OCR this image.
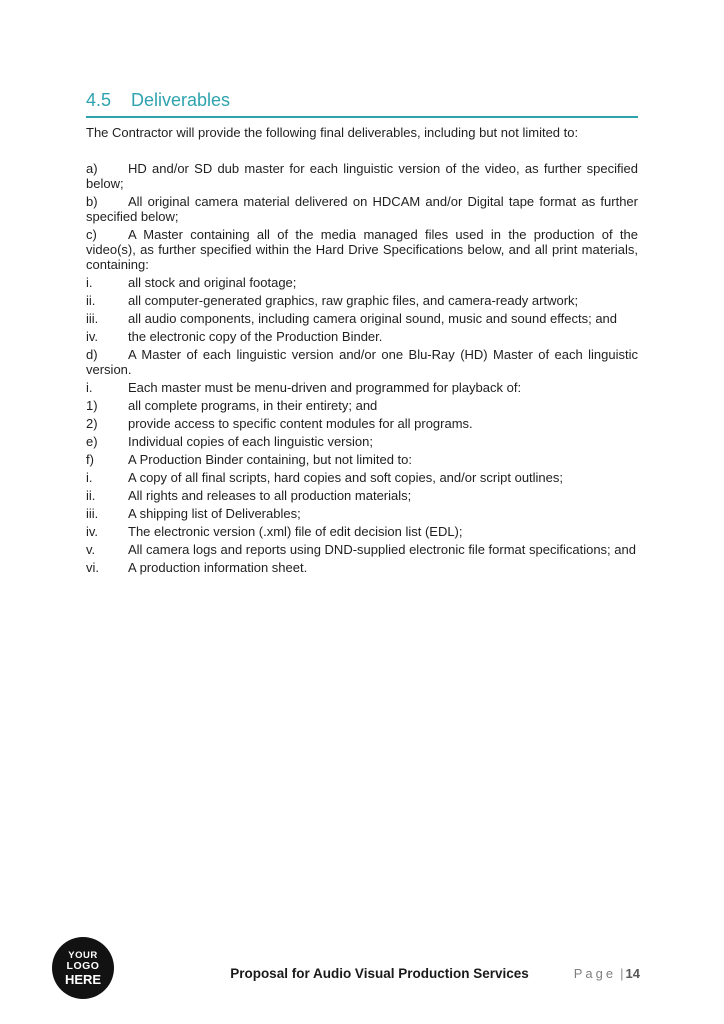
4.5 Deliverables

The Contractor will provide the following final deliverables, including but not limited to:

a) HD and/or SD dub master for each linguistic version of the video, as further specified below;

b) All original camera material delivered on HDCAM and/or Digital tape format as further specified below;

c) A Master containing all of the media managed files used in the production of the video(s), as further specified within the Hard Drive Specifications below, and all print materials, containing:

i.	all stock and original footage;

ii.	all computer-generated graphics, raw graphic files, and camera-ready artwork;

iii. all audio components, including camera original sound, music and sound effects; and

iv. the electronic copy of the Production Binder.

d) A Master of each linguistic version and/or one Blu-Ray (HD) Master of each linguistic version.

i.	Each master must be menu-driven and programmed for playback of:

1) all complete programs, in their entirety; and

2) provide access to specific content modules for all programs.

e) Individual copies of each linguistic version;

f)	A Production Binder containing, but not limited to:

i.	A copy of all final scripts, hard copies and soft copies, and/or script outlines;

ii.	All rights and releases to all production materials;

iii. A shipping list of Deliverables;

iv. The electronic version (.xml) file of edit decision list (EDL);

v.	All camera logs and reports using DND-supplied electronic file format specifications; and

vi. A production information sheet.

YOUR
LOGO
HERE	Proposal for Audio Visual Production Services	Page | 14
